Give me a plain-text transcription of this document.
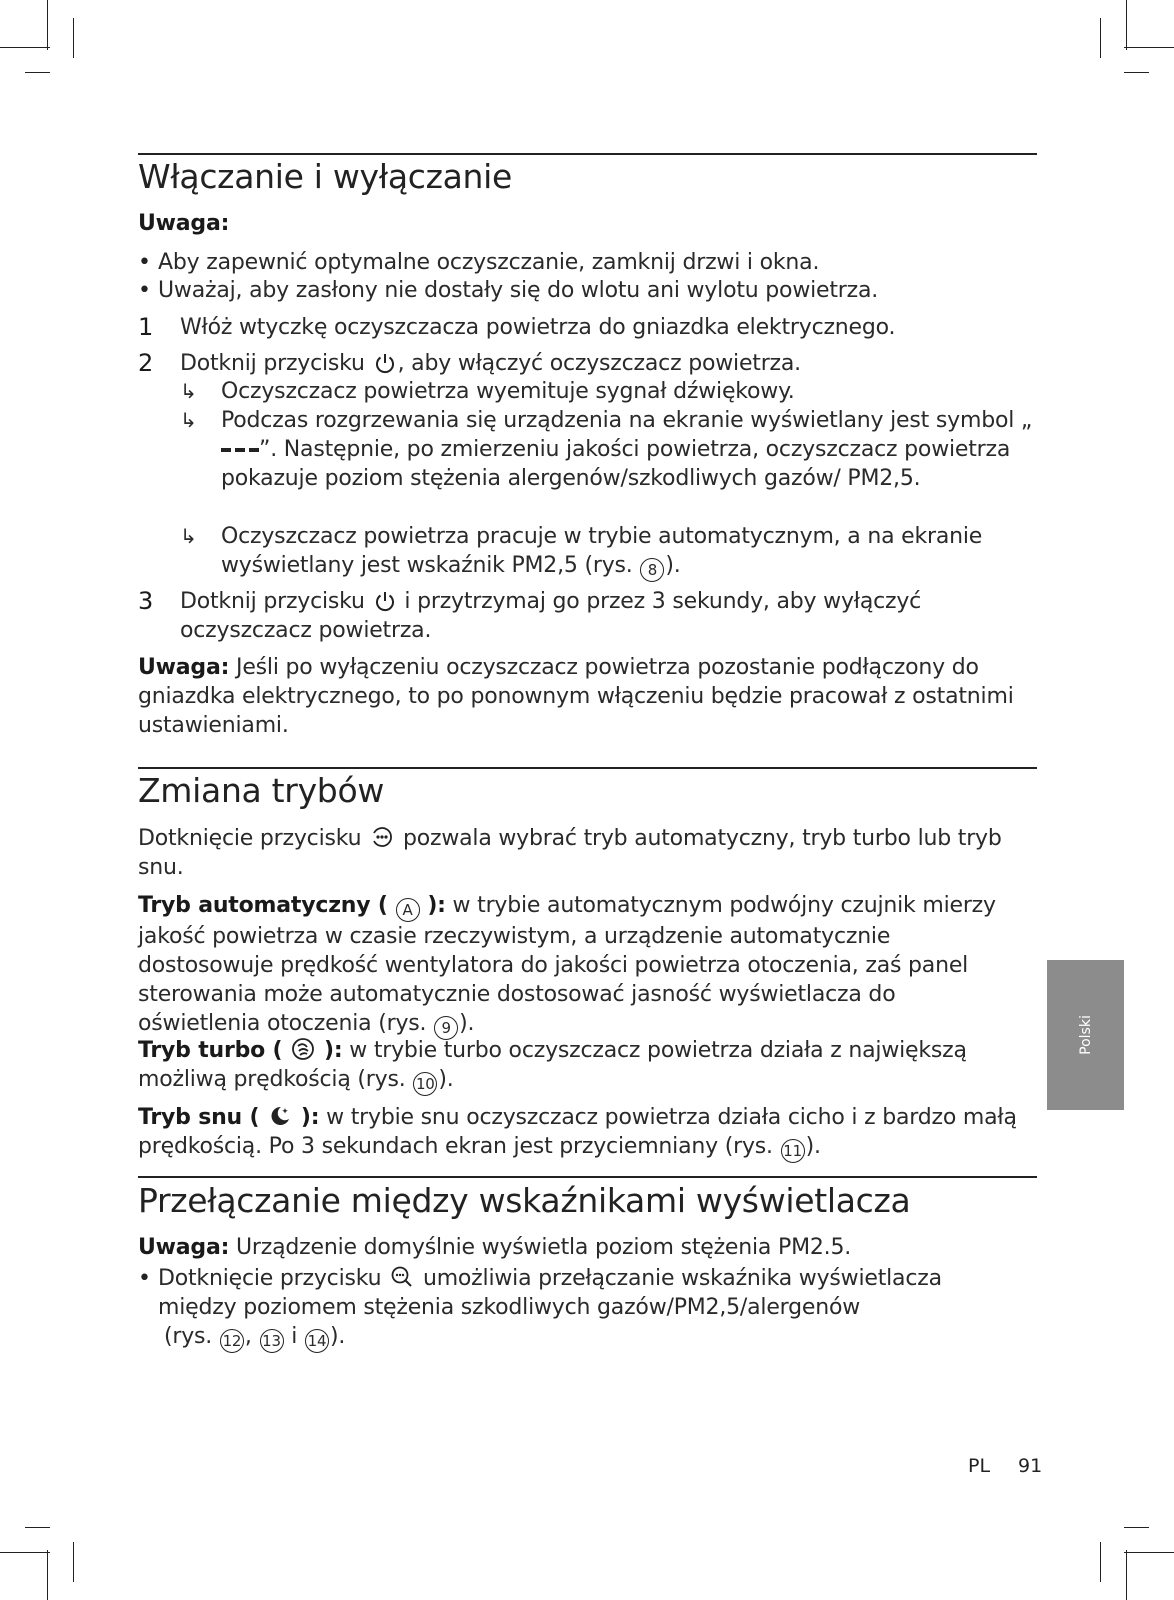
Włączanie i wyłączanie

Uwaga:

• Aby zapewnić optymalne oczyszczanie, zamknij drzwi i okna.
• Uważaj, aby zasłony nie dostały się do wlotu ani wylotu powietrza.
1 Włóż wtyczkę oczyszczacza powietrza do gniazdka elektrycznego.
2 Dotknij przycisku , aby włączyć oczyszczacz powietrza.
↳ Oczyszczacz powietrza wyemituje sygnał dźwiękowy.
↳ Podczas rozgrzewania się urządzenia na ekranie wyświetlany jest symbol „”. Następnie, po zmierzeniu jakości powietrza, oczyszczacz powietrza pokazuje poziom stężenia alergenów/szkodliwych gazów/ PM2,5.
↳ Oczyszczacz powietrza pracuje w trybie automatycznym, a na ekranie wyświetlany jest wskaźnik PM2,5 (rys. 8 ).
3 Dotknij przycisku i przytrzymaj go przez 3 sekundy, aby wyłączyć oczyszczacz powietrza.

Uwaga: Jeśli po wyłączeniu oczyszczacz powietrza pozostanie podłączony do gniazdka elektrycznego, to po ponownym włączeniu będzie pracował z ostatnimi ustawieniami.

Zmiana trybów

Dotknięcie przycisku pozwala wybrać tryb automatyczny, tryb turbo lub tryb snu.

Tryb automatyczny ( A ): w trybie automatycznym podwójny czujnik mierzy jakość powietrza w czasie rzeczywistym, a urządzenie automatycznie dostosowuje prędkość wentylatora do jakości powietrza otoczenia, zaś panel sterowania może automatycznie dostosować jasność wyświetlacza do oświetlenia otoczenia (rys. 9 ).

Tryb turbo ( ): w trybie turbo oczyszczacz powietrza działa z największą możliwą prędkością (rys. 10 ).

Tryb snu ( ): w trybie snu oczyszczacz powietrza działa cicho i z bardzo małą prędkością. Po 3 sekundach ekran jest przyciemniany (rys. 11 ).

Przełączanie między wskaźnikami wyświetlacza

Uwaga: Urządzenie domyślnie wyświetla poziom stężenia PM2.5.

• Dotknięcie przycisku umożliwia przełączanie wskaźnika wyświetlacza między poziomem stężenia szkodliwych gazów/PM2,5/alergenów
(rys. 12 , 13 i 14 ).
Polski
PL 91
